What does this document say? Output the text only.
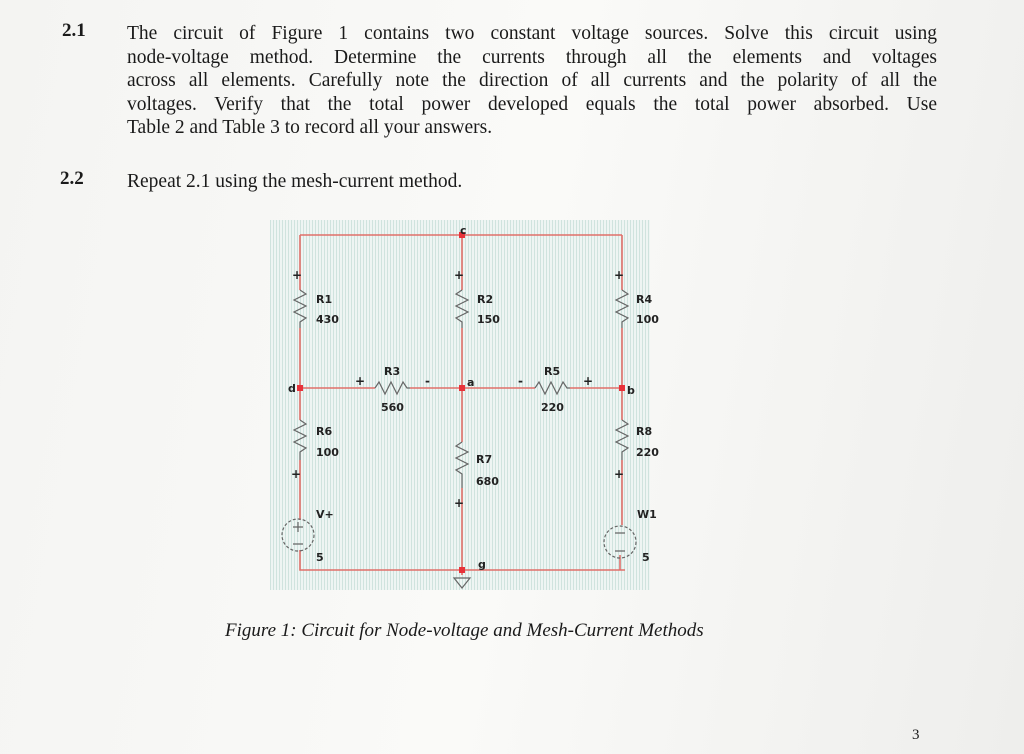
2.1 The circuit of Figure 1 contains two constant voltage sources. Solve this circuit using
node-voltage method. Determine the currents through all the elements and voltages
across all elements. Carefully note the direction of all currents and the polarity of all the
voltages. Verify that the total power developed equals the total power absorbed. Use
Table 2 and Table 3 to record all your answers.
2.2 Repeat 2.1 using the mesh-current method.
c
d	a
b
g
R1
430
R2
150
R4
100
R3
560
R5
220
R6
100
R7
680
R8
220
V+
5
W1
5
+	+	+
+	-	-	+
+
+
+
Figure 1: Circuit for Node-voltage and Mesh-Current Methods
3
